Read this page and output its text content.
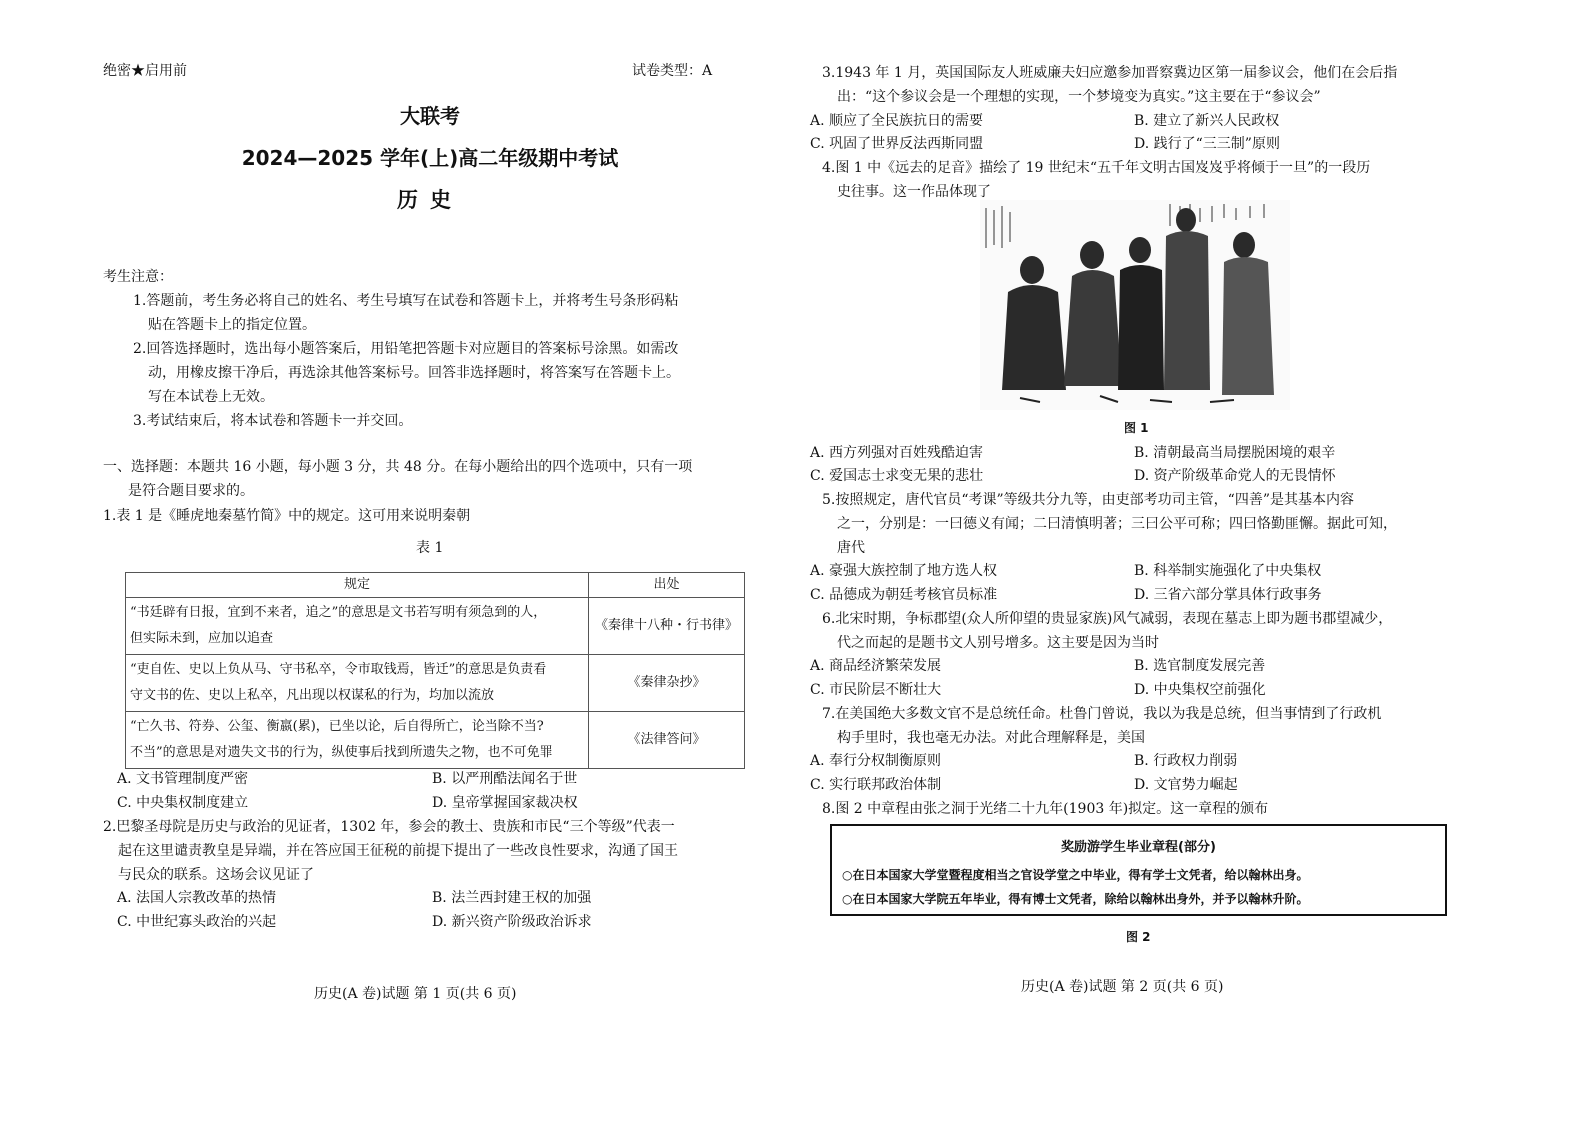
绝密★启用前	试卷类型：A
大联考
2024—2025 学年(上)高二年级期中考试
历史
考生注意：
1.答题前，考生务必将自己的姓名、考生号填写在试卷和答题卡上，并将考生号条形码粘
贴在答题卡上的指定位置。
2.回答选择题时，选出每小题答案后，用铅笔把答题卡对应题目的答案标号涂黑。如需改
动，用橡皮擦干净后，再选涂其他答案标号。回答非选择题时，将答案写在答题卡上。
写在本试卷上无效。
3.考试结束后，将本试卷和答题卡一并交回。
一、选择题：本题共 16 小题，每小题 3 分，共 48 分。在每小题给出的四个选项中，只有一项
是符合题目要求的。
1.表 1 是《睡虎地秦墓竹简》中的规定。这可用来说明秦朝
表 1
规定	出处
“书廷辟有日报，宜到不来者，追之”的意思是文书若写明有须急到的人，
但实际未到，应加以追查	《秦律十八种・行书律》
“吏自佐、史以上负从马、守书私卒，令市取钱焉，皆迁”的意思是负责看
守文书的佐、史以上私卒，凡出现以权谋私的行为，均加以流放	《秦律杂抄》
“亡久书、符券、公玺、衡嬴(累)，已坐以论，后自得所亡，论当除不当?
不当”的意思是对遗失文书的行为，纵使事后找到所遗失之物，也不可免罪	《法律答问》
A. 文书管理制度严密	B. 以严刑酷法闻名于世
C. 中央集权制度建立	D. 皇帝掌握国家裁决权
2.巴黎圣母院是历史与政治的见证者，1302 年，参会的教士、贵族和市民“三个等级”代表一
起在这里谴责教皇是异端，并在答应国王征税的前提下提出了一些改良性要求，沟通了国王
与民众的联系。这场会议见证了
A. 法国人宗教改革的热情	B. 法兰西封建王权的加强
C. 中世纪寡头政治的兴起	D. 新兴资产阶级政治诉求
历史(A 卷)试题 第 1 页(共 6 页)
3.1943 年 1 月，英国国际友人班威廉夫妇应邀参加晋察冀边区第一届参议会，他们在会后指
出：“这个参议会是一个理想的实现，一个梦境变为真实。”这主要在于“参议会”
A. 顺应了全民族抗日的需要	B. 建立了新兴人民政权
C. 巩固了世界反法西斯同盟	D. 践行了“三三制”原则
4.图 1 中《远去的足音》描绘了 19 世纪末“五千年文明古国岌岌乎将倾于一旦”的一段历
史往事。这一作品体现了
图 1
A. 西方列强对百姓残酷迫害	B. 清朝最高当局摆脱困境的艰辛
C. 爱国志士求变无果的悲壮	D. 资产阶级革命党人的无畏情怀
5.按照规定，唐代官员“考课”等级共分九等，由吏部考功司主管，“四善”是其基本内容
之一，分别是：一曰德义有闻；二曰清慎明著；三曰公平可称；四曰恪勤匪懈。据此可知，
唐代
A. 豪强大族控制了地方选人权	B. 科举制实施强化了中央集权
C. 品德成为朝廷考核官员标准	D. 三省六部分掌具体行政事务
6.北宋时期，争标郡望(众人所仰望的贵显家族)风气减弱，表现在墓志上即为题书郡望减少，
代之而起的是题书文人别号增多。这主要是因为当时
A. 商品经济繁荣发展	B. 选官制度发展完善
C. 市民阶层不断壮大	D. 中央集权空前强化
7.在美国绝大多数文官不是总统任命。杜鲁门曾说，我以为我是总统，但当事情到了行政机
构手里时，我也毫无办法。对此合理解释是，美国
A. 奉行分权制衡原则	B. 行政权力削弱
C. 实行联邦政治体制	D. 文官势力崛起
8.图 2 中章程由张之洞于光绪二十九年(1903 年)拟定。这一章程的颁布
奖励游学生毕业章程(部分)
○在日本国家大学堂暨程度相当之官设学堂之中毕业，得有学士文凭者，给以翰林出身。
○在日本国家大学院五年毕业，得有博士文凭者，除给以翰林出身外，并予以翰林升阶。
图 2
历史(A 卷)试题 第 2 页(共 6 页)
